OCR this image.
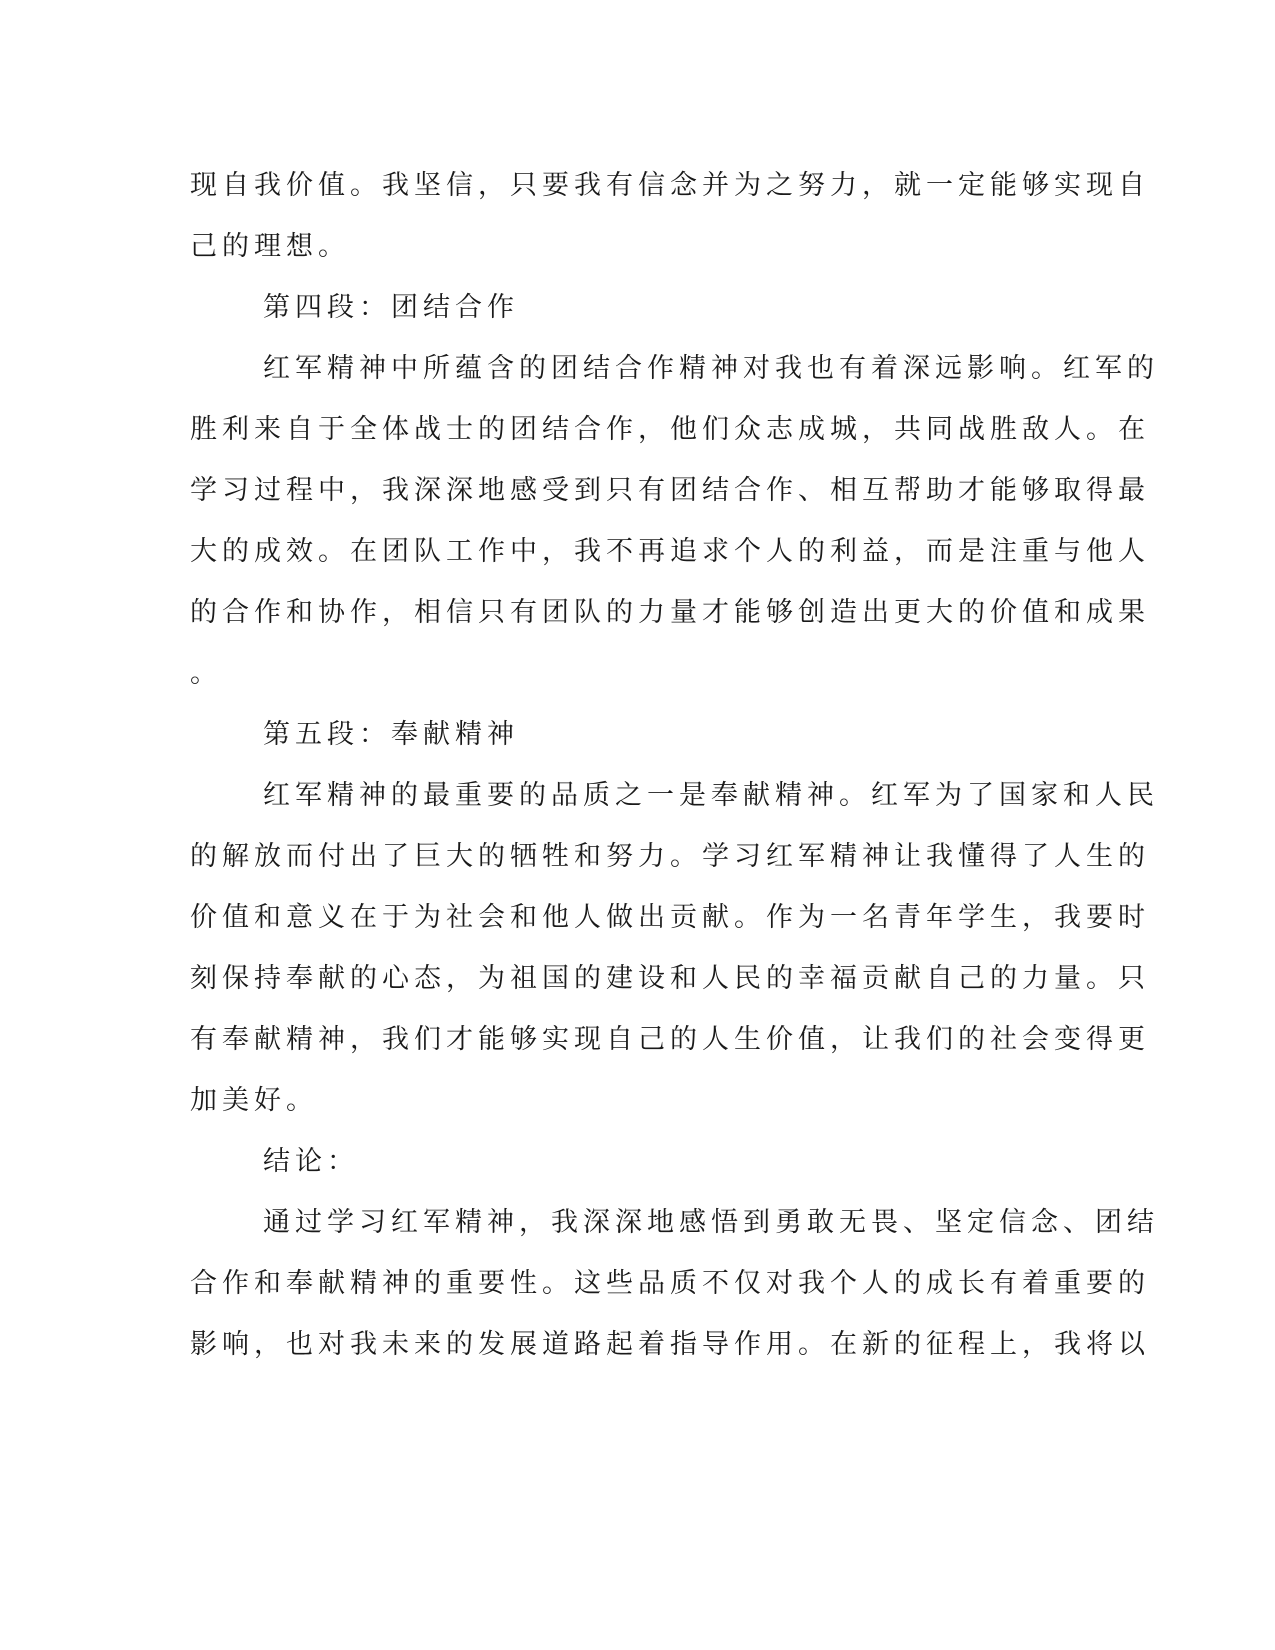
现自我价值。我坚信，只要我有信念并为之努力，就一定能够实现自
己的理想。
第四段：团结合作
红军精神中所蕴含的团结合作精神对我也有着深远影响。红军的
胜利来自于全体战士的团结合作，他们众志成城，共同战胜敌人。在
学习过程中，我深深地感受到只有团结合作、相互帮助才能够取得最
大的成效。在团队工作中，我不再追求个人的利益，而是注重与他人
的合作和协作，相信只有团队的力量才能够创造出更大的价值和成果
。
第五段：奉献精神
红军精神的最重要的品质之一是奉献精神。红军为了国家和人民
的解放而付出了巨大的牺牲和努力。学习红军精神让我懂得了人生的
价值和意义在于为社会和他人做出贡献。作为一名青年学生，我要时
刻保持奉献的心态，为祖国的建设和人民的幸福贡献自己的力量。只
有奉献精神，我们才能够实现自己的人生价值，让我们的社会变得更
加美好。
结论：
通过学习红军精神，我深深地感悟到勇敢无畏、坚定信念、团结
合作和奉献精神的重要性。这些品质不仅对我个人的成长有着重要的
影响，也对我未来的发展道路起着指导作用。在新的征程上，我将以
